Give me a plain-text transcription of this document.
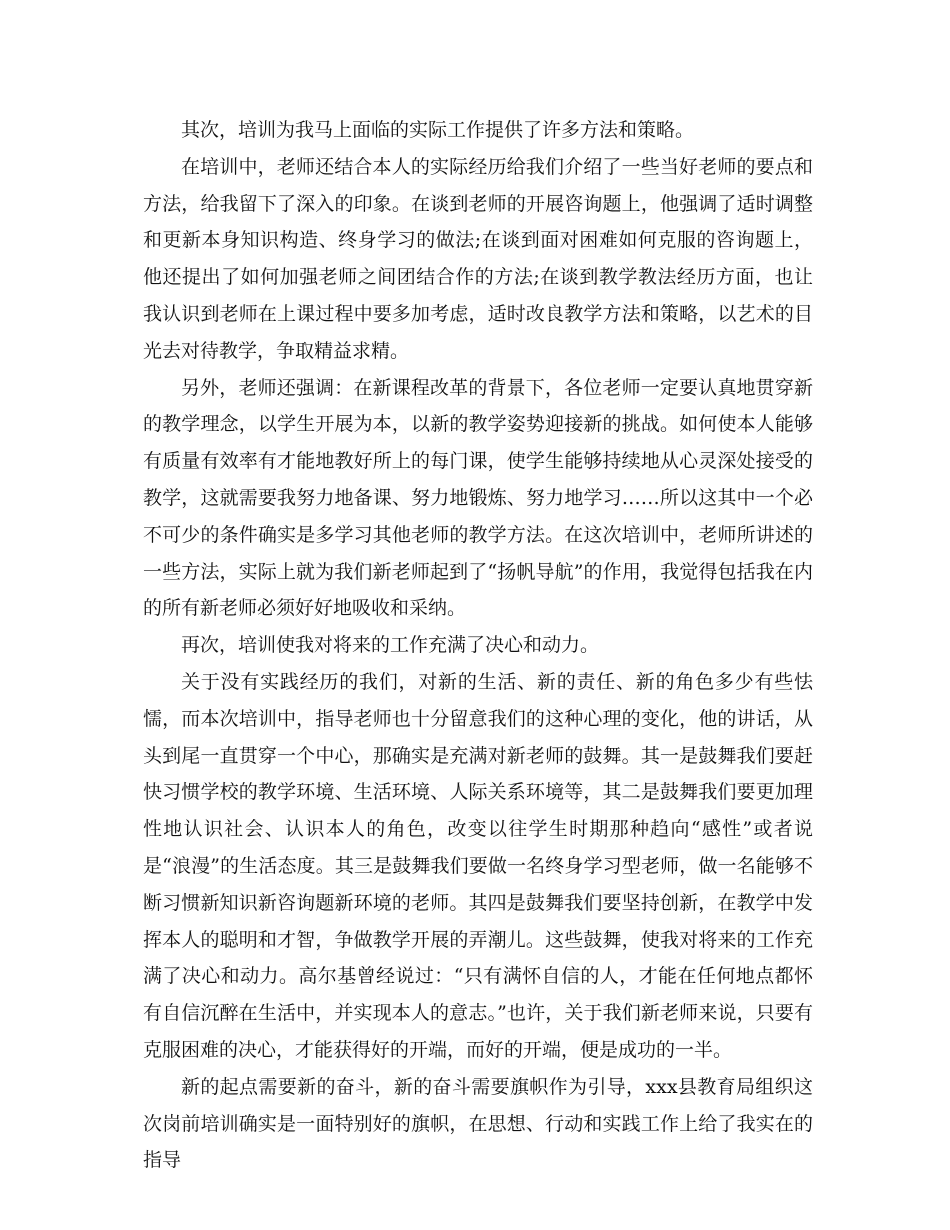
其次，培训为我马上面临的实际工作提供了许多方法和策略。

在培训中，老师还结合本人的实际经历给我们介绍了一些当好老师的要点和方法，给我留下了深入的印象。在谈到老师的开展咨询题上，他强调了适时调整和更新本身知识构造、终身学习的做法;在谈到面对困难如何克服的咨询题上，他还提出了如何加强老师之间团结合作的方法;在谈到教学教法经历方面，也让我认识到老师在上课过程中要多加考虑，适时改良教学方法和策略，以艺术的目光去对待教学，争取精益求精。

另外，老师还强调：在新课程改革的背景下，各位老师一定要认真地贯穿新的教学理念，以学生开展为本，以新的教学姿势迎接新的挑战。如何使本人能够有质量有效率有才能地教好所上的每门课，使学生能够持续地从心灵深处接受的教学，这就需要我努力地备课、努力地锻炼、努力地学习……所以这其中一个必不可少的条件确实是多学习其他老师的教学方法。在这次培训中，老师所讲述的一些方法，实际上就为我们新老师起到了“扬帆导航”的作用，我觉得包括我在内的所有新老师必须好好地吸收和采纳。

再次，培训使我对将来的工作充满了决心和动力。

关于没有实践经历的我们，对新的生活、新的责任、新的角色多少有些怯懦，而本次培训中，指导老师也十分留意我们的这种心理的变化，他的讲话，从头到尾一直贯穿一个中心，那确实是充满对新老师的鼓舞。其一是鼓舞我们要赶快习惯学校的教学环境、生活环境、人际关系环境等，其二是鼓舞我们要更加理性地认识社会、认识本人的角色，改变以往学生时期那种趋向“感性”或者说是“浪漫”的生活态度。其三是鼓舞我们要做一名终身学习型老师，做一名能够不断习惯新知识新咨询题新环境的老师。其四是鼓舞我们要坚持创新，在教学中发挥本人的聪明和才智，争做教学开展的弄潮儿。这些鼓舞，使我对将来的工作充满了决心和动力。高尔基曾经说过：“只有满怀自信的人，才能在任何地点都怀有自信沉醉在生活中，并实现本人的意志。”也许，关于我们新老师来说，只要有克服困难的决心，才能获得好的开端，而好的开端，便是成功的一半。

新的起点需要新的奋斗，新的奋斗需要旗帜作为引导，xxx县教育局组织这次岗前培训确实是一面特别好的旗帜，在思想、行动和实践工作上给了我实在的指导
